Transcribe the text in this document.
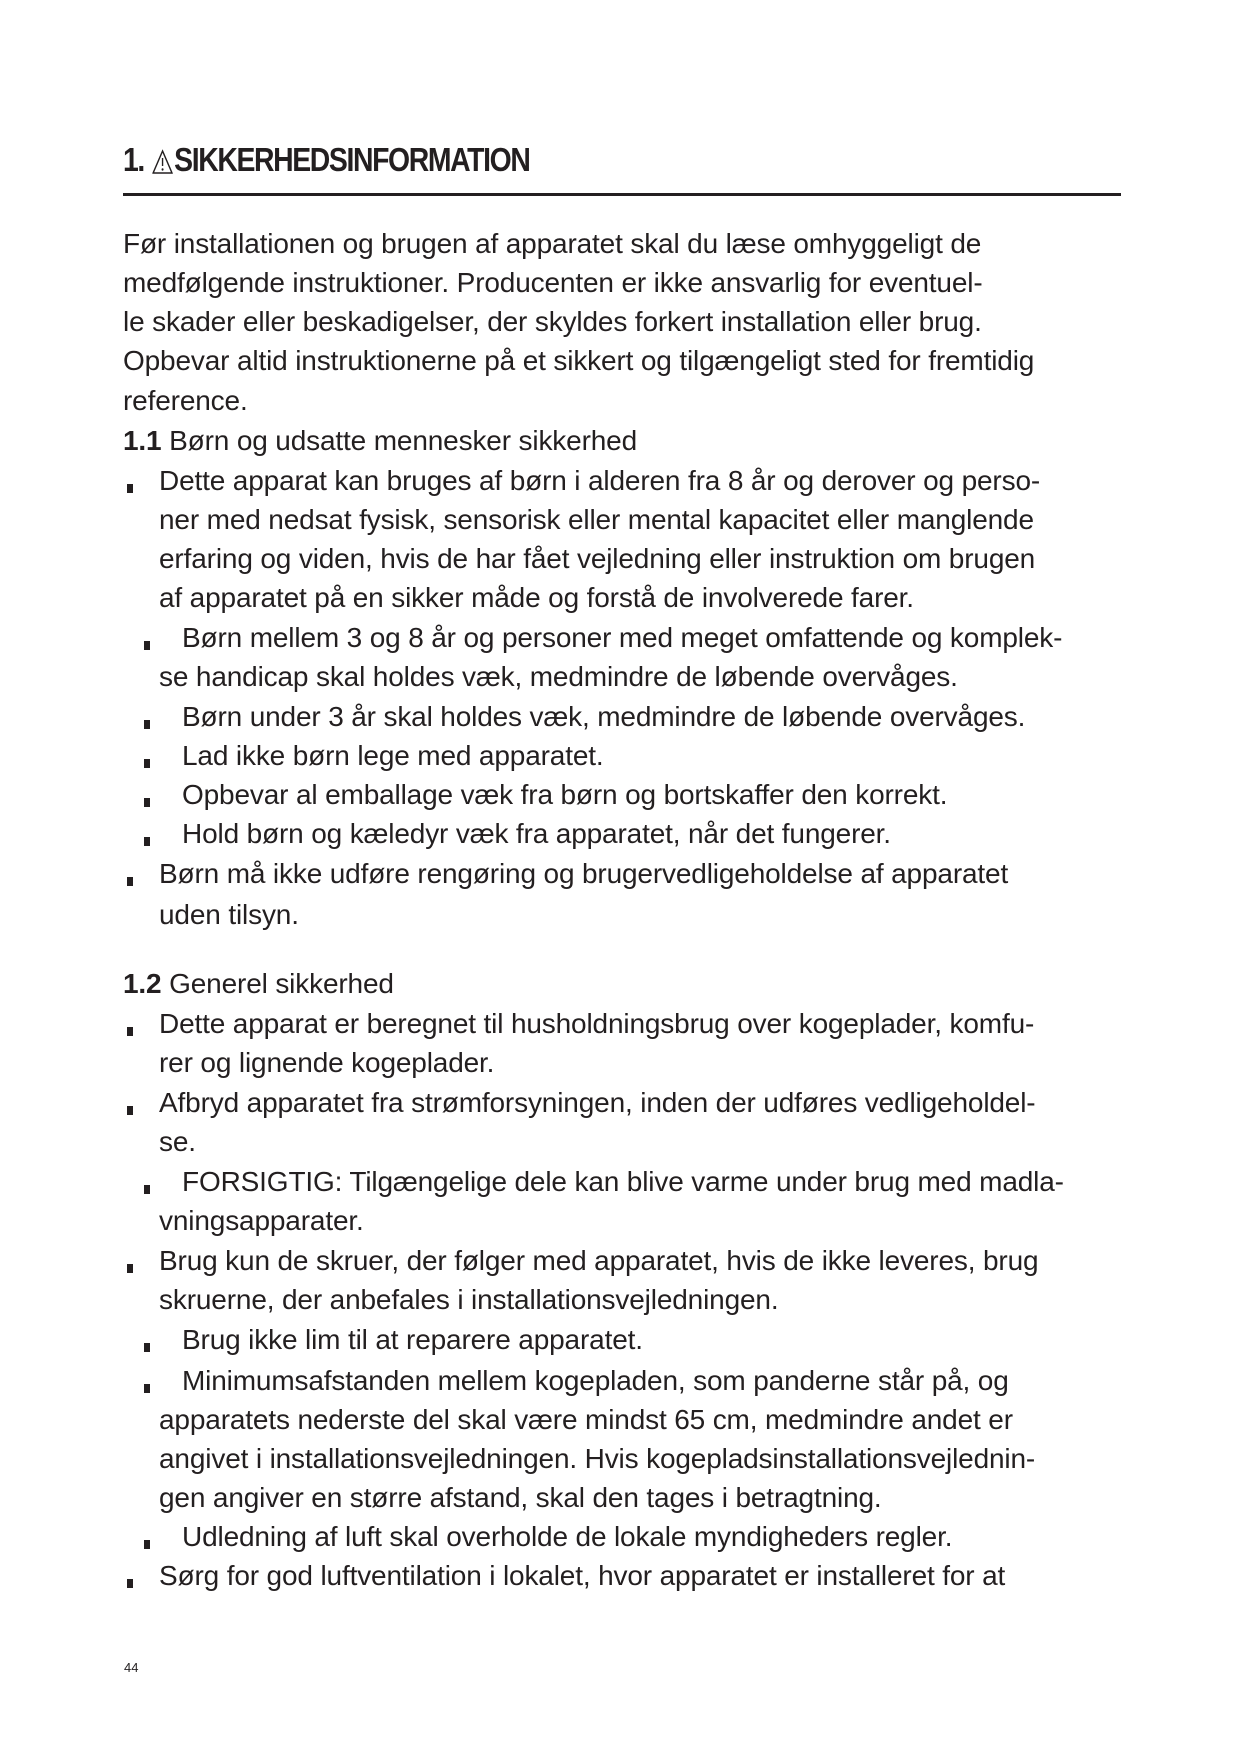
1. SIKKERHEDSINFORMATION
Før installationen og brugen af apparatet skal du læse omhyggeligt de
medfølgende instruktioner. Producenten er ikke ansvarlig for eventuel-
le skader eller beskadigelser, der skyldes forkert installation eller brug.
Opbevar altid instruktionerne på et sikkert og tilgængeligt sted for fremtidig
reference.
1.1 Børn og udsatte mennesker sikkerhed
Dette apparat kan bruges af børn i alderen fra 8 år og derover og perso-
ner med nedsat fysisk, sensorisk eller mental kapacitet eller manglende
erfaring og viden, hvis de har fået vejledning eller instruktion om brugen
af apparatet på en sikker måde og forstå de involverede farer.
Børn mellem 3 og 8 år og personer med meget omfattende og komplek-
se handicap skal holdes væk, medmindre de løbende overvåges.
Børn under 3 år skal holdes væk, medmindre de løbende overvåges.
Lad ikke børn lege med apparatet.
Opbevar al emballage væk fra børn og bortskaffer den korrekt.
Hold børn og kæledyr væk fra apparatet, når det fungerer.
Børn må ikke udføre rengøring og brugervedligeholdelse af apparatet
uden tilsyn.
1.2 Generel sikkerhed
Dette apparat er beregnet til husholdningsbrug over kogeplader, komfu-
rer og lignende kogeplader.
Afbryd apparatet fra strømforsyningen, inden der udføres vedligeholdel-
se.
FORSIGTIG: Tilgængelige dele kan blive varme under brug med madla-
vningsapparater.
Brug kun de skruer, der følger med apparatet, hvis de ikke leveres, brug
skruerne, der anbefales i installationsvejledningen.
Brug ikke lim til at reparere apparatet.
Minimumsafstanden mellem kogepladen, som panderne står på, og
apparatets nederste del skal være mindst 65 cm, medmindre andet er
angivet i installationsvejledningen. Hvis kogepladsinstallationsvejlednin-
gen angiver en større afstand, skal den tages i betragtning.
Udledning af luft skal overholde de lokale myndigheders regler.
Sørg for god luftventilation i lokalet, hvor apparatet er installeret for at
44
